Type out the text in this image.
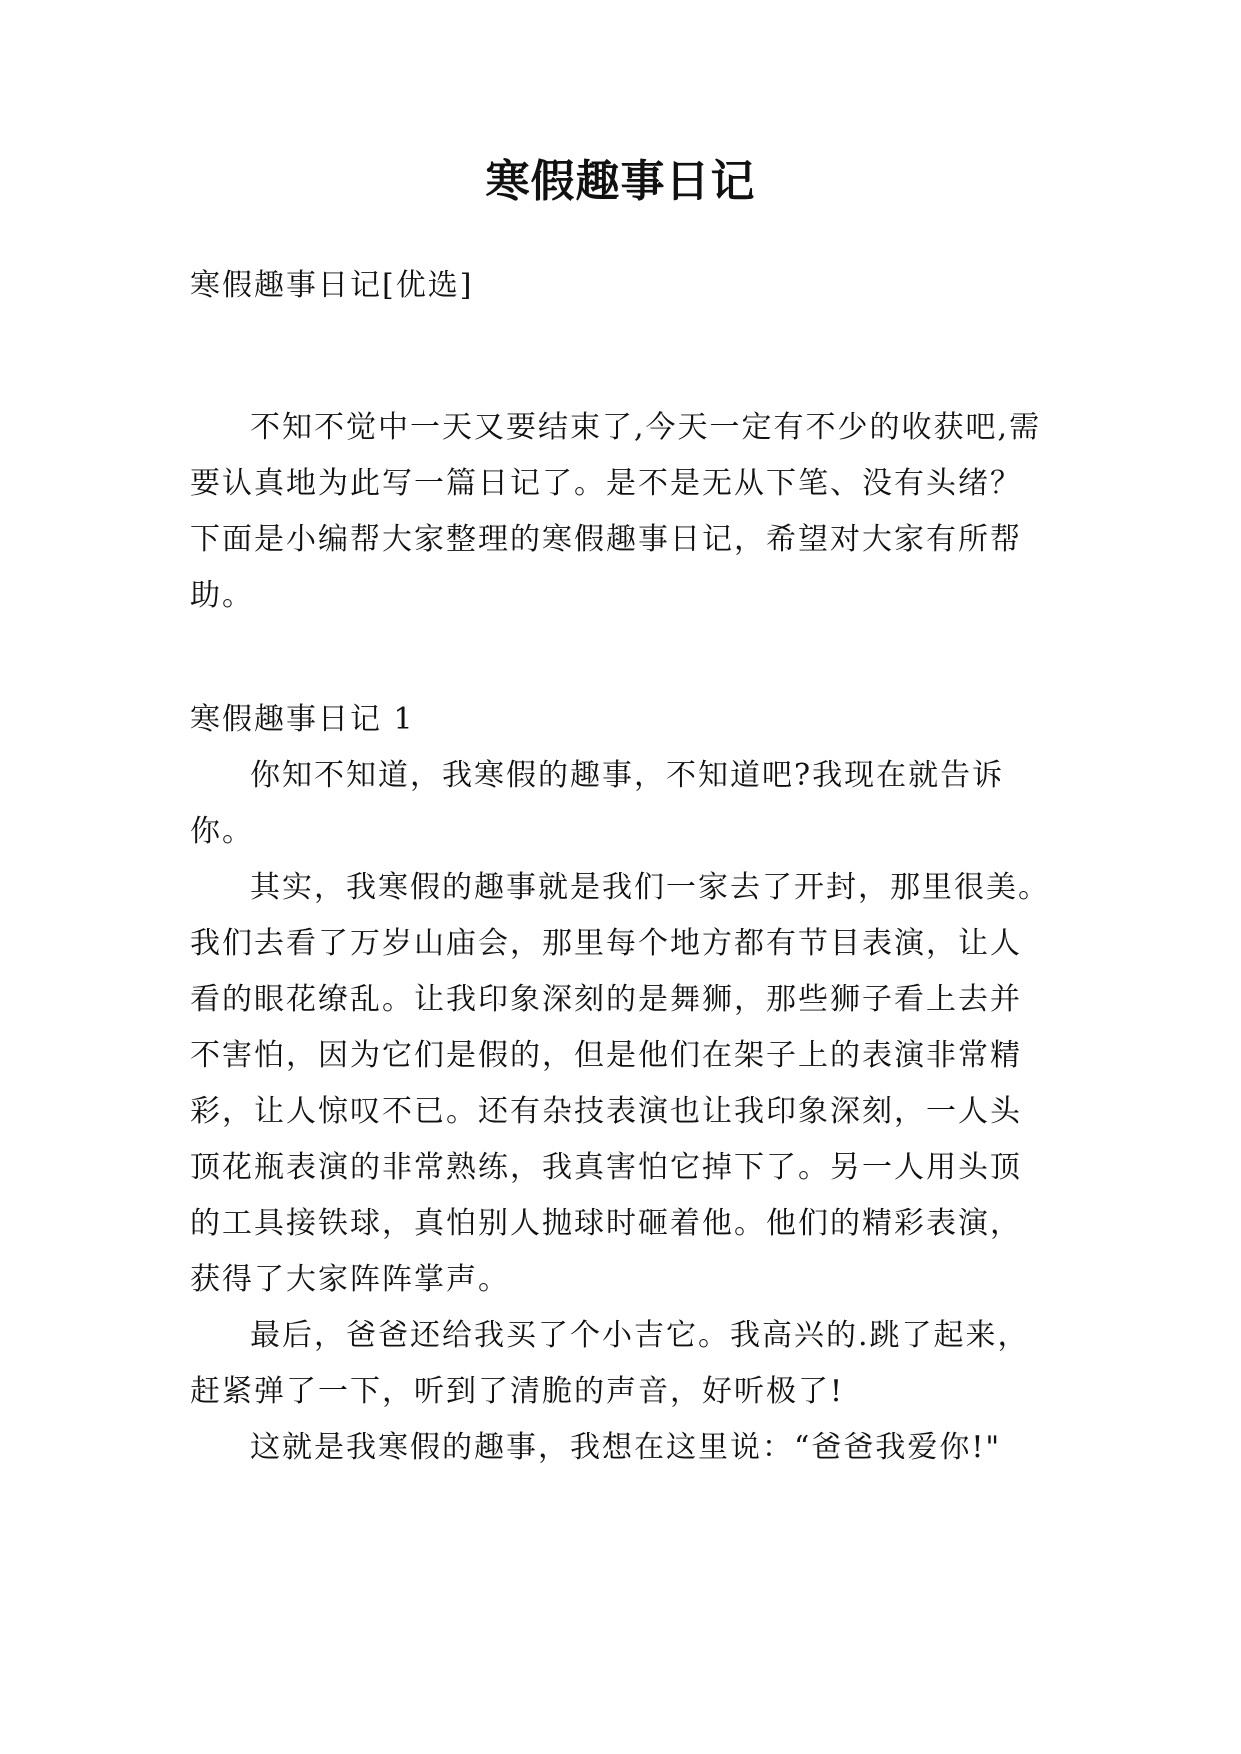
寒假趣事日记

寒假趣事日记[优选]

不知不觉中一天又要结束了,今天一定有不少的收获吧,需要认真地为此写一篇日记了。是不是无从下笔、没有头绪？下面是小编帮大家整理的寒假趣事日记，希望对大家有所帮助。

寒假趣事日记 1

你知不知道，我寒假的趣事，不知道吧?我现在就告诉你。

其实，我寒假的趣事就是我们一家去了开封，那里很美。我们去看了万岁山庙会，那里每个地方都有节目表演，让人看的眼花缭乱。让我印象深刻的是舞狮，那些狮子看上去并不害怕，因为它们是假的，但是他们在架子上的表演非常精彩，让人惊叹不已。还有杂技表演也让我印象深刻，一人头顶花瓶表演的非常熟练，我真害怕它掉下了。另一人用头顶的工具接铁球，真怕别人抛球时砸着他。他们的精彩表演，获得了大家阵阵掌声。

最后，爸爸还给我买了个小吉它。我高兴的.跳了起来，赶紧弹了一下，听到了清脆的声音，好听极了!

这就是我寒假的趣事，我想在这里说：“爸爸我爱你!"
